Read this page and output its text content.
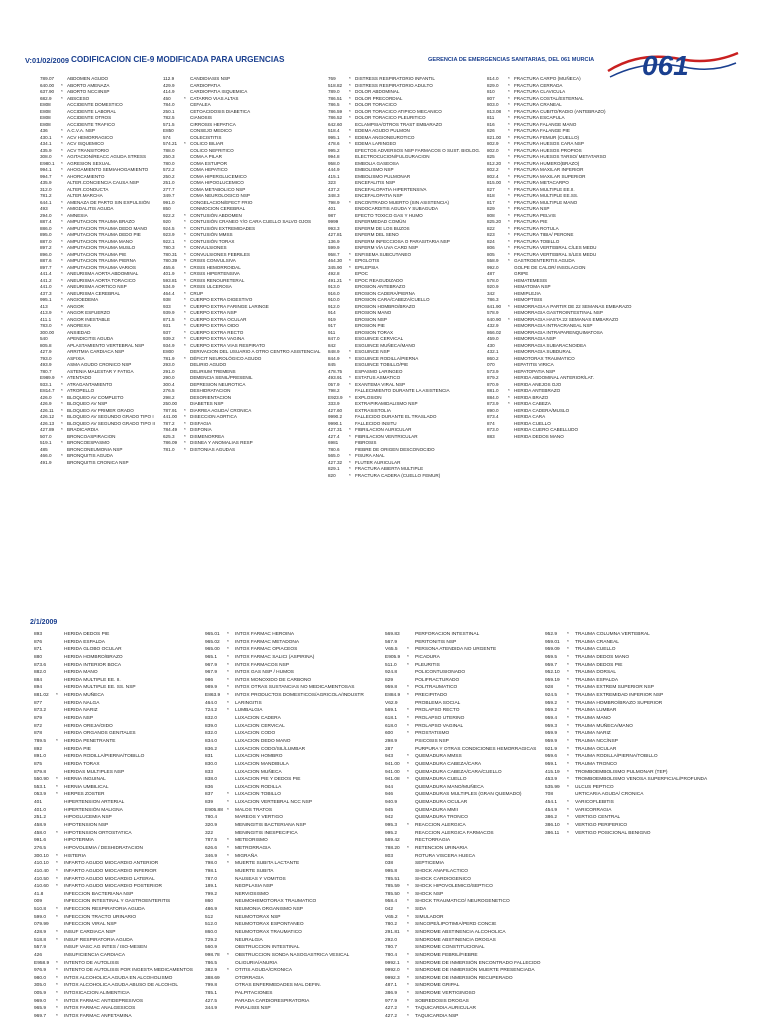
V:01/02/2009 CODIFICACION CIE-9 MODIFICADA PARA URGENCIAS	GERENCIA DE EMERGENCIAS SANITARIAS, DEL 061 MURCIA 061
2/1/2009
789.07	ABDOMEN AGUDO
640.00 * ABORTO AMENAZA
637.90 * ABORTO NCCIINSP
682.9 * ABSCESO
E808	ACCIDENTE DOMESTICO
E808	ACCIDENTE LABORAL
E808	ACCIDENTE OTROS
E808	ACCIDENTE TRAFICO
436	* A.C.V.A. NSP
430.1 * ACV HEMORRAGICO
434.1 * ACV ISQUEMICO
435.9 * ACV TRANSITORIO
308.0 * AGITACION/REACC AGUDA STRESS
E980.1 * AGRESION SEXUAL
994.1 * AHOGAMIENTO SEMIAHOGAMIENTO
994.7 * AHORCAMIENTO
435.9	ALTER.CONCIENCIA CAUSA NSP
312.0	ALTER.CONDUCTA
781.2	ALTER.MARCHA
644.1 * AMENAZA DE PARTO SIN EXPULSIÓN
493	* AMIGDALITIS AGUDA
294.0 * AMNESIA
887.4 * AMPUTACION TRAUMA BRAZO
886.0 * AMPUTACION TRAUMA DEDO MANO
895.0 * AMPUTACION TRAUMA DEDO PIE
887.0 * AMPUTACION TRAUMA MANO
897.2 * AMPUTACION TRAUMA MUSLO
896.0 * AMPUTACION TRAUMA PIE
887.6 * AMPUTACION TRAUMA PIERNA
897.7 * AMPUTACION TRAUMA VARIOS
441.4 * ANEURISMA AORTA ABDOMINAL
441.2 * ANEURISMA AORTA TORACICO
441.0 * ANEURISMA AORTICO NSP
437.3 * ANEURISMA CEREBRAL
995.1 * ANGIOEDEMA
413	* ANGOR
413.9 * ANGOR ESFUERZO
411.1 * ANGOR INESTABLE
783.0 * ANOREXIA
300.00	ANSIEDAD
540	APENDICITIS AGUDA
805.8	APLASTAMIENTO VERTEBRAL NSP
427.9	ARRITMIA CARDIACA NSP
793.0	ASFIXIA
493.9	ASMA AGUDO CRONICO NSP
780.7	ASTENIA MALESTAR Y FATIGA
E989.9 * ATENTADO
933.1 * ATRAGANTAMIENTO
E814.7 * ATROPELLO
426.0 * BLOQUEO AV COMPLETO
426.9 * BLOQUEO AV NSP
426.11 * BLOQUEO AV PRIMER GRADO
426.12 * BLOQUEO AV SEGUNDO GRADO TIPO I
426.13 * BLOQUEO AV SEGUNDO GRADO TIPO II
427.89 * BRADICARDIA
507.0	BRONCOASPIRACION
519.1 * BRONCOESPASMO
485	BRONCONEUMONIA NSP
466.0 * BRONQUITIS AGUDA
491.9	BRONQUITIS CRONICA NSP
112.9	CANDIDIASIS NSP
429.9	CARDIOPATIA
414.9	CARDIOPATIA ISQUEMICA
450	* CATARRO VIAS ALTAS
784.0	CEFALEA
250.1	CETOACIDOSIS DIABETICA
782.5	CIANOSIS
571.5	CIRROSIS HEPATICA
E850	CONSEJO MEDICO
574	COLECISTITIS
574.21 * COLICO BILIAR
788.0	COLICO NEFRITICO
250.3	COMA A PILAR
780.0	COMA ESTUPOR
572.2	COMA HEPATICO
250.2	COMA HIPERGLUCEMICO
251.0	COMA HIPOGLUCEMICO
277.7	COMA METABOLICO NSP
349.7	COMA NEUROLOGICO NSP
991.0	CONGELACION/EFECT FRIO
850	CONMOCION CEREBRAL
922.2 * CONTUSIÓN ABDOMEN
920	* CONTUSIÓN CRANEO Y/O CARA CUELLO SALVO OJOS
924.5 * CONTUSIÓN EXTREMIDADES
923.9 * CONTUSIÓN MMSS
922.1 * CONTUSIÓN TORAX
780.3 * CONVULSIONES
780.31 * CONVULSIONES FEBRILES
780.39 * CRISIS CONVULSIVA
455.6 * CRISIS HEMORROIDAL
401.9 * CRISIS HIPERTENSIVA
593.81 * CRISIS RENOURETERAL
534.9 * CRISIS ULCEROSA
464.4 * CRUP
938	* CUERPO EXTRA DIGESTIVO
933	* CUERPO EXTRA FARINGE LARINGE
939.9 * CUERPO EXTRA NSP
871.5 * CUERPO EXTRA OCULAR
931	* CUERPO EXTRA OIDO
937	* CUERPO EXTRA RECTO
939.2 * CUERPO EXTRA VAGINA
934.9 * CUERPO EXTRA VIAS RESPIRATO
E800	DERIVACION DEL USUARIO A OTRO CENTRO ASISTENCIAL
781.9 * DÉFICIT NEUROLÓGICO AGUDO
293.0	DELIRIO AGUDO
291.0	DELIRIUM TREMENS
290.0	DEMENCIA SENIL/PRESENIL
300.4	DEPRESION NEUROTICA
276.5	DESHIDRATACION
298.2	DESORIENTACION
250.00	DIABETES NSP
787.91 * DIARREA AGUDA/ CRONICA
441.00 * DISECCION AORTICA
787.2 * DISFAGIA
784.49 * DISFONIA
625.3 * DISMENORREA
786.09 * DISNEA Y ANOMALIAS RESP
781.0 * DISTONIAS AGUDAS
769	* DISTRESS RESPIRATORIO INFANTIL
518.82 * DISTRESS RESPIRATORIO ADULTO
789.0 * DOLOR ABDOMINAL
786.51 * DOLOR PRECORDIAL
786.5 * DOLOR TORACICO
786.59 * DOLOR TORACICO ATIPICO MECANICO
786.52 * DOLOR TORACICO PLEURITICO
642.60	ECLAMPSIA/OTROS TRAST EMBARAZO
518.4 * EDEMA AGUDO PULMON
995.1 * EDEMA ANGIONEUROTICO
478.6 * EDEMA LARINGEO
995.2	EFECTOS ADVERSOS NSP FARMACOS O SUST. BIOLOG.
994.8	ELECTROCUCION/FULGURACION
958.0	EMBOLIA GASEOSA
444.9	EMBOLISMO NSP
415.1	EMBOLISMO PULMONAR
323	ENCEFALITIS NSP
437.2	ENCEFALOPATIA HIPERTENSIVA
348.3	ENCEFALOPATIA NSP
798.9 * ENCONTRADO MUERTO (SIN ASISTENCIA)
401	ENDOCARDITIS AGUDA Y SUBAGUDA
987	EFECTO TOXICO GAS Y HUMO
9999	ENFERMEDAD COMÚN
993.3	ENFERM DE LOS BUZOS
427.81	ENFERM DEL SENO
136.9	ENFERM INFECCIOSA O PARASITARIA NSP
599.9	ENFERM VÍA UVA CARD NSP
958.7 * ENFISEMA SUBCUTANEO
464.30 * EPIGLOTIS
345.90 * EPILEPSIA
492.8	EPOC
491.21 * EPOC REAGUDIZADO
913.0	EROSION ANTEBRAZO
916.0	EROSION CADERA/PIERNA
910.0	EROSION CARA/CABEZA/CUELLO
912.0	EROSION HOMBRO/BRAZO
914	EROSION MANO
919	EROSION NSP
917	EROSION PIE
911	EROSION TORAX
847.0	ESGUINCE CERVICAL
842	ESGUINCE MUÑECA/MANO
848.9 * ESGUINCE NSP
844.9 * ESGUINCE RODILLA/PIERNA
845	ESGUINCE TOBILLO/PIE
478.75	ESPASMO LARINGEO
493.91 * ESTATUS ASMATICO
057.9 * EXANTEMA VIRAL NSP
798.2	FALLECIMIENTO DURANTE LA ASISTENCIA
E923.9 * EXPLOSION
333.9	EXTRAPIRAMIDALISMO NSP
427.60	EXTRASISTOLIA
9990.2	FALLECIDO DURANTE EL TRASLADO
9990.1	FALLECIDO INSITU
427.31 * FIBRILACION AURICULAR
427.4 * FIBRILACION VENTRICULAR
6981	FIBROSIS
780.6	FIEBRE DE ORIGEN DESCONOCIDO
565.0 * FISURA ANAL
427.32 * FLUTER AURICULAR
829.1 * FRACTURA ABIERTA MULTIPLE
820	* FRACTURA CADERA (CUELLO FEMUR)
814.0 * FRACTURA CARPO (MUÑECA)
829.0 * FRACTURA CERRADA
810	* FRACTURA CLAVICULA
807	* FRACTURA COSTAL/ESTERNAL
803.0 * FRACTURA CRANEAL
813.08 * FRACTURA CUBITO/RADIO (ANTEBRAZO)
811	* FRACTURA ESCAPULA
816	* FRACTURA FALANGE MANO
826	* FRACTURA FALANGE PIE
821.00 * FRACTURA FEMUR (CUELLO)
802.9 * FRACTURA HUESOS CARA NSP
802.0 * FRACTURA HUESOS PROPIOS
825	* FRACTURA HUESOS TARSO/ METATARSO
812.20 * FRACTURA HUMERO(BRAZO)
802.2 * FRACTURA MAXILAR INFERIOR
802.4 * FRACTURA MAXILAR SUPERIOR
815.00 * FRACTURA METACARPO
827	* FRACTURA MULTIPLE EE.II.
818	* FRACTURA MULTIPLE EE.SS.
817	* FRACTURA MULTIPLE MANO
829	* FRACTURA NSP
808	* FRACTURA PELVIS
825.20 * FRACTURA PIE
822	* FRACTURA ROTULA
823	* FRACTURA TIBIA/ PERONE
824	* FRACTURA TOBILLO
806	* FRACTURA VERTEBRAL C/LES MEDU
805	* FRACTURA VERTEBRAL S/LES MEDU
558.9 * GASTROENTERITIS AGUDA
992.0	GOLPE DE CALOR/ INSOLACION
487	GRIPE
578.0	HEMATEMESIS
920.9	HEMATOMA NSP
342	HEMIPLEJIA
786.3	HEMOPTISIS
641.90 * HEMORRAGIA A PARTIR DE 22 SEMANAS EMBARAZO
578.9	HEMORRAGIA GASTROINTESTINAL NSP
640.90 * HEMORRAGIA HASTA 22 SEMANAS EMBARAZO
432.9	HEMORRAGIA INTRACRANEAL NSP
866.02	HEMORRAGIA INTRAPARENQUIMATOSA
459.0	HEMORRAGIA NSP
430	HEMORRAGIA SUBARACNOIDEA
432.1	HEMORRAGIA SUBDURAL
860.2	HEMOTORAX TRAUMATICO
070	HEPATITIS VIRICA
573.9	HEPATOPATIA NSP
879.2	HERIDA ABDOMINAL ANTERIOR/LAT.
870.9	HERIDA ANEJOS OJO
881.0 * HERIDA ANTEBRAZO
884.0 * HERIDA BRAZO
873.9 * HERIDA CABEZA
890.0	HERIDA CADERA/MUSLO
873.4	HERIDA CARA
874	HERIDA CUELLO
873.0	HERIDA CUERO CABELLUDO
883	HERIDA DEDOS MANO
893	HERIDA DEDOS PIE
876	HERIDA ESPALDA
871	HERIDA GLOBO OCULAR
880	HERIDA HOMBRO/BRAZO
873.6	HERIDA INTERIOR BOCA
882.0	HERIDA MANO
884	HERIDA MULTIPLE EE. II.
894	HERIDA MULTIPLE EE. SS. NSP
881.02 * HERIDA MUÑECA
877	HERIDA NALGA
873.2	HERIDA NARIZ
879	HERIDA NSP
872	HERIDA OREJA/OIDO
878	HERIDA ORGANOS GENITALES
789.5 * HERIDA PENETRANTE
892	HERIDA PIE
891.0	HERIDA RODILLA/PIERNA/TOBILLO
875	HERIDA TORAX
879.8	HERIDAS MULTIPLES NSP
550.90 * HERNIA INGUINAL
553.1 * HERNIA UMBILICAL
053.9 * HERPES ZOSTER
401	HIPERTENSION ARTERIAL
401.0	HIPERTENSIÓN MALIGNA
251.2	HIPOGLUCEMIA NSP
458.9	HIPOTENSION NSP
458.0 * HIPOTENSION ORTOSTATICA
991.6	HIPOTERMIA
276.5	HIPOVOLEMIA / DESHIDRATACION
300.10 * HISTERIA
410.10 * INFARTO AGUDO MIOCARDIO ANTERIOR
410.40 * INFARTO AGUDO MIOCARDIO INFERIOR
410.50 * INFARTO AGUDO MIOCARDIO LATERAL
410.60 * INFARTO AGUDO MIOCARDIO POSTERIOR
41.8	INFECCION BACTERIANA NSP
009	INFECCION INTESTINAL Y GASTROENTERITIS
510.8 * INFECCION RESPIRATORIA AGUDA
599.0 * INFECCION TRACTO URINARIO
079.99	INFECCION VIRAL NSP
428.9 * INSUF CARDIACA NSP
518.8 * INSUF RESPIRATORIA AGUDA
557.9	INSUF VASC AG INTES / ISO-MESEN
426	INSUFICIENCIA CARDIACA
E958.9 * INTENTO DE AUTOLISIS
976.9 * INTENTO DE AUTOLISIS POR INGESTA MEDICAMENTOS
980.0 * INTOX ALCOHOLICA AGUDA EN ALCOHOLISMO
305.0 * INTOX ALCOHOLICA AGUDA ABUSO DE ALCOHOL
005.9 * INTOXICACION ALIMENTICIA
969.0 * INTOX FARMAC ANTIDEPRESIVOS
965.9 * INTOX FARMAC ANALGESICOS
969.7 * INTOX FARMAC ANFETAMINA
965.01 * INTOX FARMAC HEROINA
965.02 * INTOX FARMAC METADONA
965.00 * INTOX FARMAC OPIACEOS
965.1 * INTOX FARMAC SALICI (ASPIRINA)
967.9 * INTOX FARMACOS NSP
967.9 * INTOX GAS NSP / HUMOS
986	* INTOX MONOXIDO DE CARBONO
989.9 * INTOX OTRAS SUSTANCIAS NO MEDICAMENTOSAS
E863.9 * INTOX PRODUCTOS DOMESTICOS/AGRICOLA/INDUSTR
464.0 * LARINGITIS
724.2 * LUMBALGIA
832.0	LUXACION CADERA
839.0	LUXACION CERVICAL
832.0	LUXACION CODO
834.0	LUXACION DEDO MANO
836.2	LUXACION CODO/SIL/LUMBAR
831	LUXACION HOMBRO
830.0	LUXACION MANDIBULA
833	LUXACION MUÑECA
838.0	LUXACION PIE Y DEDOS PIE
836	LUXACION RODILLA
837	* LUXACION TOBILLO
839	* LUXACION VERTEBRAL NCC NSP
E905.88 * MALOS TRATOS
780.4	MAREOS Y VERTIGO
320.9	MENINGITIS BACTERIANA NSP
322	MENINGITIS INESPECIFICA
787.5 * METEORISMO
626.6 * METRORRAGIA
346.9 * MIGRAÑA
798.0 * MUERTE SUBITA LACTANTE
798.1	MUERTE SUBITA
787.0	NAUSEAS Y VOMITOS
189.1	NEOPLASIA NSP
799.2	NERVIOSISMO
860	NEUMOHEMOTORAX TRAUMATICO
486.9	NEUMONIA ORGANISMO NSP
512	NEUMOTORAX NSP
512.0	NEUMOTORAX ESPONTANEO
860.0	NEUMOTORAX TRAUMATICO
729.2	NEURALGIA
560.9	OBSTRUCCION INTESTINAL
998.78 * OBSTRUCCION SONDA NASOGASTRICA VESICAL
786.5	OLIGURIA/ANURIA
382.9 * OTITIS AGUDA/CRONICA
388.69	OTORRAGIA
799.8	OTRAS ENFERMEDADES MAL DEFIN.
785.1	PALPITACIONES
427.5	PARADA CARDIORESPIRATORIA
344.9	PARALISIS NSP
569.83	PERFORACION INTESTINAL
567.9	PERITONITIS NSP
V65.5 * PERSONA ATENDIDA NO URGENTE
E905.9 * PICADURA
511.0 * PLEURITIS
924.8	POLICONTUSIONADO
829	POLIFRACTURADO
959.8 * POLITRAUMATICO
E884.9 * PRECIPITADO
V62.9	PROBLEMA SOCIAL
569.1 * PROLAPSO RECTO
618.1 * PROLAPSO UTERINO
618.0 * PROLAPSO VAGINAL
600	* PROSTATISMO
298.9	PSICOSIS NSP
287	PURPURA Y OTRAS CONDICIONES HEMORRAGICAS
943	* QUEMADURA MMSS
941.00 * QUEMADURA CABEZA/CARA
941.00 * QUEMADURA CABEZA/CARA/CUELLO
941.08 * QUEMADURA CUELLO
944	QUEMADURA MANO/MUÑECA
946	QUEMADURAS MULTIPLES (GRAN QUEMADO)
940.9	QUEMADURA OCULAR
945	QUEMADURA MMII
942	QUEMADURA TRONCO
995.3 * REACCION ALERGICA
995.2	REACCION ALERGICA FARMACOS
569.42	RECTORRAGIA
788.20 * RETENCION URINARIA
803	ROTURA VISCERA HUECA
038	SEPTICEMIA
995.8	SHOCK ANAFILACTICO
785.51	SHOCK CARDIOGENICO
785.59 * SHOCK HIPOVOLEMICO/SEPTICO
785.50 * SHOCK NSP
958.4 * SHOCK TRAUMATICO/ NEUROGENETICO
042	* SIDA
V65.2 * SIMULADOR
780.2 * SINCOPE/LIPOTIMIA/PERD CONCIE
291.81 * SINDROME ABSTINENCIA ALCOHOLICA
292.0	SINDROME ABSTINENCIA DROGAS
780.7	SINDROME CONSTITUCIONAL
780.4 * SINDROME FEBRIL/FIEBRE
9992.1 * SINDROME DE INMERSIÓN ENCONTRADO FALLECIDO
9992.0 * SINDROME DE INMERSIÓN MUERTE PRESENCIADA
9992.3 * SINDROME DE INMERSIÓN RECUPERADO
487.1 * SINDROME GRIPAL
386.9 * SINDROME VERTIGINOSO
977.9 * SOBREDOSIS DROGAS
427.2 * TAQUICARDIA AURICULAR
427.2 * TAQUICARDIA NSP
952.9 * TRAUMA COLUMNA VERTEBRAL
959.01 * TRAUMA CRANEAL
959.09 * TRAUMA CUELLO
959.5 * TRAUMA DEDOS MANO
959.7 * TRAUMA DEDOS PIE
952.10 * TRAUMA DORSAL
959.19 * TRAUMA ESPALDA
928	* TRAUMA EXTREM SUPERIOR NSP
924.5 * TRAUMA EXTREMIDAD INFERIOR NSP
959.2 * TRAUMA HOMBRO/BRAZO SUPERIOR
959.2 * TRAUMA LUMBAR
959.4 * TRAUMA MANO
959.3 * TRAUMA MUÑECA/MANO
959.9 * TRAUMA NARIZ
959.9 * TRAUMA NCC/NSP
921.9 * TRAUMA OCULAR
959.6 * TRAUMA RODILLA/PIERNA/TOBILLO
959.1 * TRAUMA TRONCO
415.19 * TROMBOEMBOLISMO PULMONAR (TEP)
453.9 * TROMBOEMBOLISMO VENOSA SUPERFICIAL/PROFUNDA
535.99 * ULCUS PEPTICO
708	URTICARIA AGUDA/ CRONICA
454.1 * VARICOFLEBITIS
454.9 * VARICORRAGIA
386.2 * VERTIGO CENTRAL
386.10 * VERTIGO PERIFERICO
386.11 * VERTIGO POSICIONAL BENIGNO
